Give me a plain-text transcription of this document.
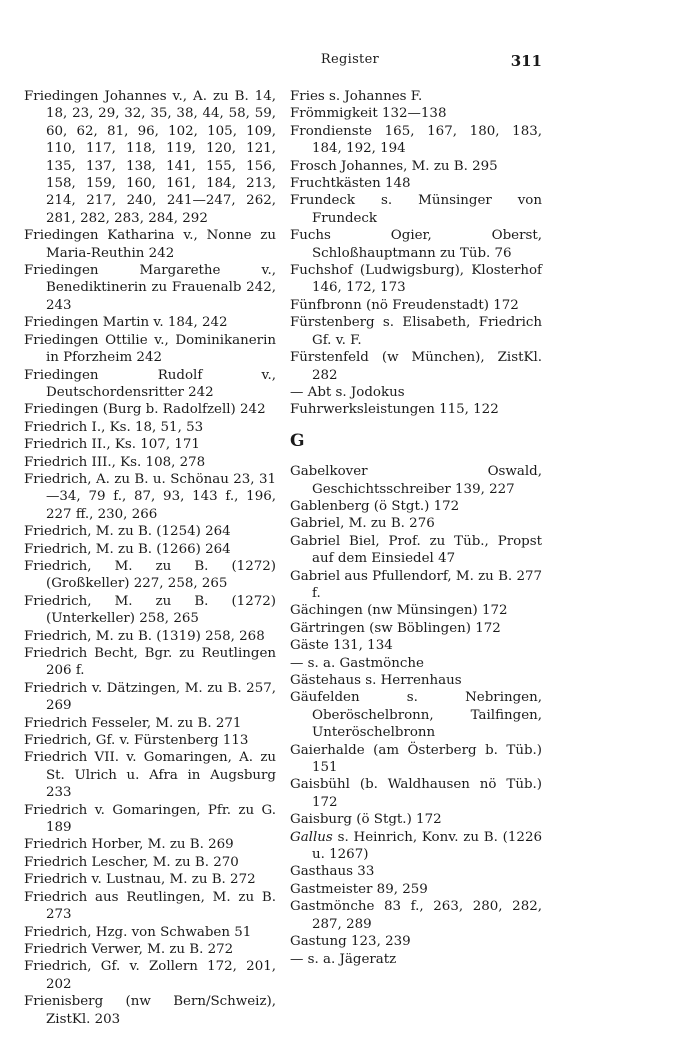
Register	311
Friedingen Johannes v., A. zu B. 14, 18, 23, 29, 32, 35, 38, 44, 58, 59, 60, 62, 81, 96, 102, 105, 109, 110, 117, 118, 119, 120, 121, 135, 137, 138, 141, 155, 156, 158, 159, 160, 161, 184, 213, 214, 217, 240, 241—247, 262, 281, 282, 283, 284, 292
Friedingen Katharina v., Nonne zu Maria-Reuthin 242
Friedingen Margarethe v., Benediktinerin zu Frauenalb 242, 243
Friedingen Martin v. 184, 242
Friedingen Ottilie v., Dominikanerin in Pforzheim 242
Friedingen Rudolf v., Deutschordensritter 242
Friedingen (Burg b. Radolfzell) 242
Friedrich I., Ks. 18, 51, 53
Friedrich II., Ks. 107, 171
Friedrich III., Ks. 108, 278
Friedrich, A. zu B. u. Schönau 23, 31—34, 79 f., 87, 93, 143 f., 196, 227 ff., 230, 266
Friedrich, M. zu B. (1254) 264
Friedrich, M. zu B. (1266) 264
Friedrich, M. zu B. (1272) (Großkeller) 227, 258, 265
Friedrich, M. zu B. (1272) (Unterkeller) 258, 265
Friedrich, M. zu B. (1319) 258, 268
Friedrich Becht, Bgr. zu Reutlingen 206 f.
Friedrich v. Dätzingen, M. zu B. 257, 269
Friedrich Fesseler, M. zu B. 271
Friedrich, Gf. v. Fürstenberg 113
Friedrich VII. v. Gomaringen, A. zu St. Ulrich u. Afra in Augsburg 233
Friedrich v. Gomaringen, Pfr. zu G. 189
Friedrich Horber, M. zu B. 269
Friedrich Lescher, M. zu B. 270
Friedrich v. Lustnau, M. zu B. 272
Friedrich aus Reutlingen, M. zu B. 273
Friedrich, Hzg. von Schwaben 51
Friedrich Verwer, M. zu B. 272
Friedrich, Gf. v. Zollern 172, 201, 202
Frienisberg (nw Bern/Schweiz), ZistKl. 203
Fries s. Johannes F.
Frömmigkeit 132—138
Frondienste 165, 167, 180, 183, 184, 192, 194
Frosch Johannes, M. zu B. 295
Fruchtkästen 148
Frundeck s. Münsinger von Frundeck
Fuchs Ogier, Oberst, Schloßhauptmann zu Tüb. 76
Fuchshof (Ludwigsburg), Klosterhof 146, 172, 173
Fünfbronn (nö Freudenstadt) 172
Fürstenberg s. Elisabeth, Friedrich Gf. v. F.
Fürstenfeld (w München), ZistKl. 282
— Abt s. Jodokus
Fuhrwerksleistungen 115, 122
G
Gabelkover Oswald, Geschichtsschreiber 139, 227
Gablenberg (ö Stgt.) 172
Gabriel, M. zu B. 276
Gabriel Biel, Prof. zu Tüb., Propst auf dem Einsiedel 47
Gabriel aus Pfullendorf, M. zu B. 277 f.
Gächingen (nw Münsingen) 172
Gärtringen (sw Böblingen) 172
Gäste 131, 134
— s. a. Gastmönche
Gästehaus s. Herrenhaus
Gäufelden s. Nebringen, Oberöschelbronn, Tailfingen, Unteröschelbronn
Gaierhalde (am Österberg b. Tüb.) 151
Gaisbühl (b. Waldhausen nö Tüb.) 172
Gaisburg (ö Stgt.) 172
Gallus s. Heinrich, Konv. zu B. (1226 u. 1267)
Gasthaus 33
Gastmeister 89, 259
Gastmönche 83 f., 263, 280, 282, 287, 289
Gastung 123, 239
— s. a. Jägeratz
